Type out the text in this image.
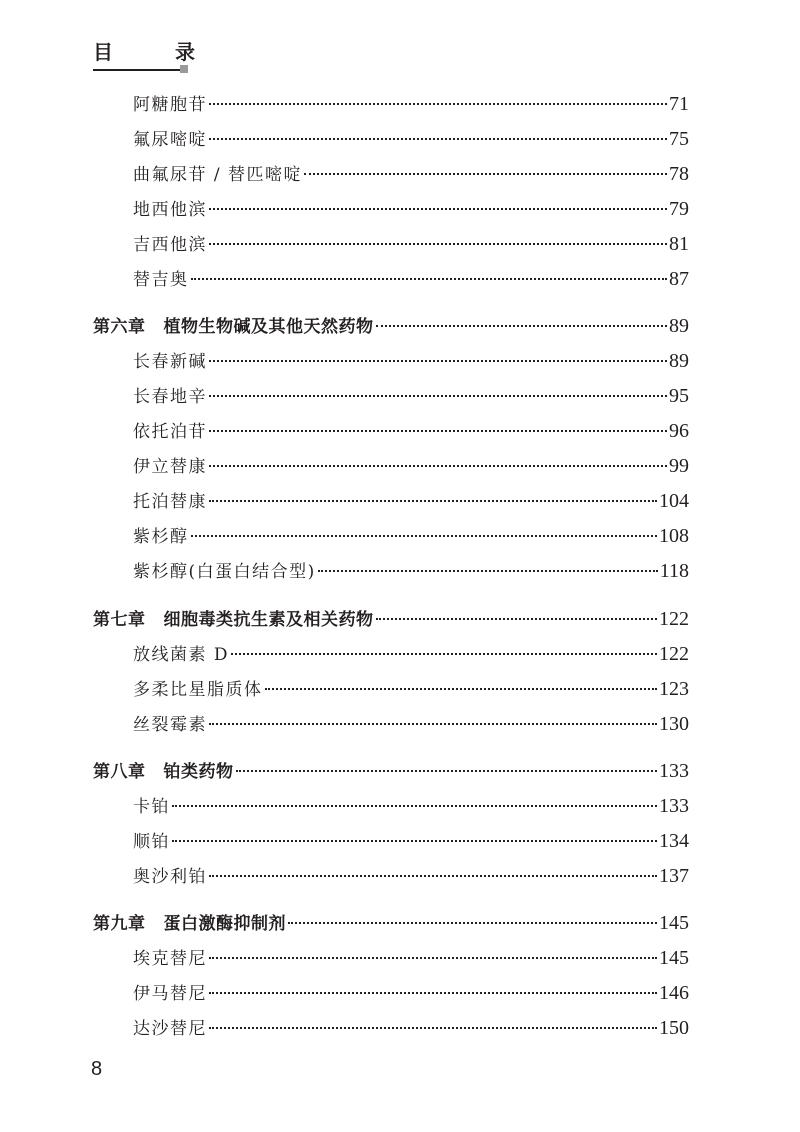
目　录
阿糖胞苷	71
氟尿嘧啶	75
曲氟尿苷 / 替匹嘧啶	78
地西他滨	79
吉西他滨	81
替吉奥	87
第六章 植物生物碱及其他天然药物	89
长春新碱	89
长春地辛	95
依托泊苷	96
伊立替康	99
托泊替康	104
紫杉醇	108
紫杉醇(白蛋白结合型)	118
第七章 细胞毒类抗生素及相关药物	122
放线菌素 D	122
多柔比星脂质体	123
丝裂霉素	130
第八章 铂类药物	133
卡铂	133
顺铂	134
奥沙利铂	137
第九章 蛋白激酶抑制剂	145
埃克替尼	145
伊马替尼	146
达沙替尼	150
8
